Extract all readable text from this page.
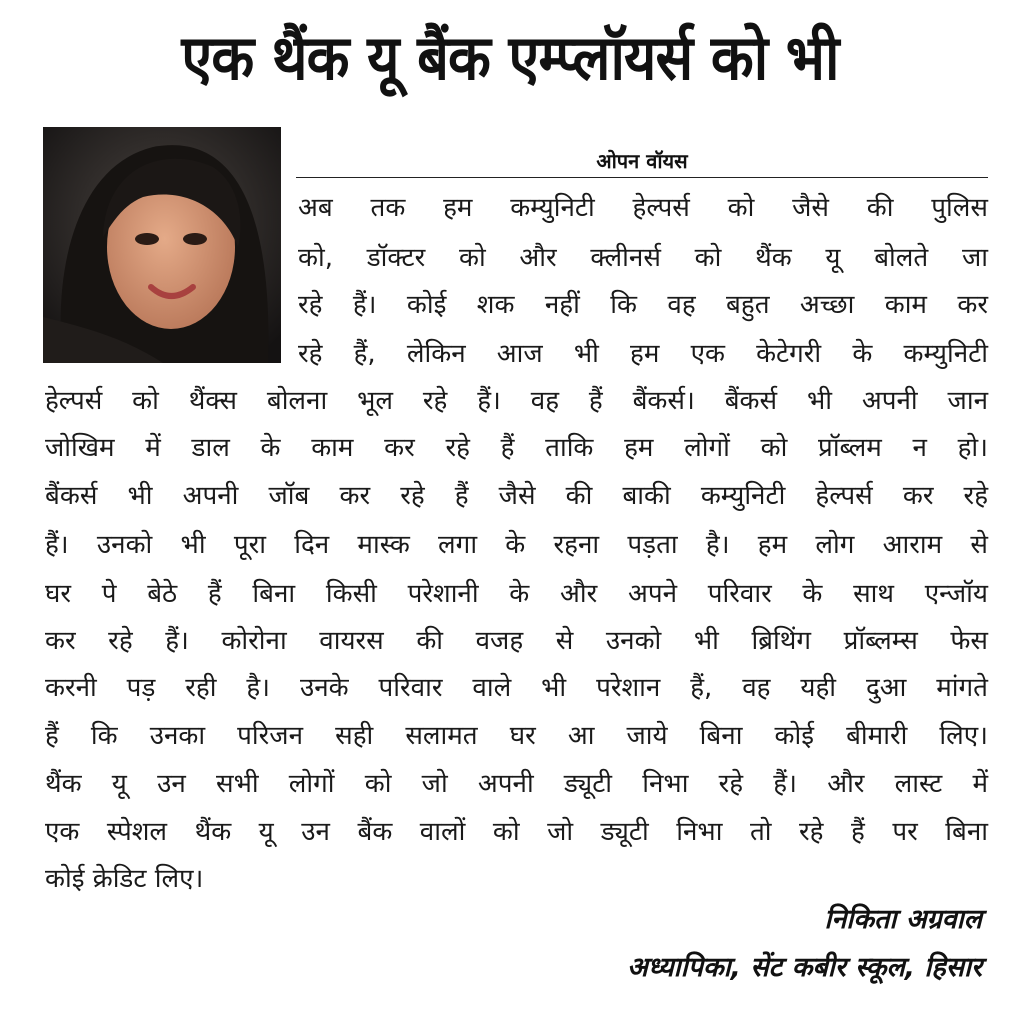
एक थैंक यू बैंक एम्प्लॉयर्स को भी
ओपन वॉयस
अब तक हम कम्युनिटी हेल्पर्स को जैसे की पुलिस
को, डॉक्टर को और क्लीनर्स को थैंक यू बोलते जा
रहे हैं। कोई शक नहीं कि वह बहुत अच्छा काम कर
रहे हैं, लेकिन आज भी हम एक केटेगरी के कम्युनिटी
हेल्पर्स को थैंक्स बोलना भूल रहे हैं। वह हैं बैंकर्स। बैंकर्स भी अपनी जान
जोखिम में डाल के काम कर रहे हैं ताकि हम लोगों को प्रॉब्लम न हो।
बैंकर्स भी अपनी जॉब कर रहे हैं जैसे की बाकी कम्युनिटी हेल्पर्स कर रहे
हैं। उनको भी पूरा दिन मास्क लगा के रहना पड़ता है। हम लोग आराम से
घर पे बेठे हैं बिना किसी परेशानी के और अपने परिवार के साथ एन्जॉय
कर रहे हैं। कोरोना वायरस की वजह से उनको भी ब्रिथिंग प्रॉब्लम्स फेस
करनी पड़ रही है। उनके परिवार वाले भी परेशान हैं, वह यही दुआ मांगते
हैं कि उनका परिजन सही सलामत घर आ जाये बिना कोई बीमारी लिए।
थैंक यू उन सभी लोगों को जो अपनी ड्यूटी निभा रहे हैं। और लास्ट में
एक स्पेशल थैंक यू उन बैंक वालों को जो ड्यूटी निभा तो रहे हैं पर बिना
कोई क्रेडिट लिए।
निकिता अग्रवाल
अध्यापिका, सेंट कबीर स्कूल, हिसार
